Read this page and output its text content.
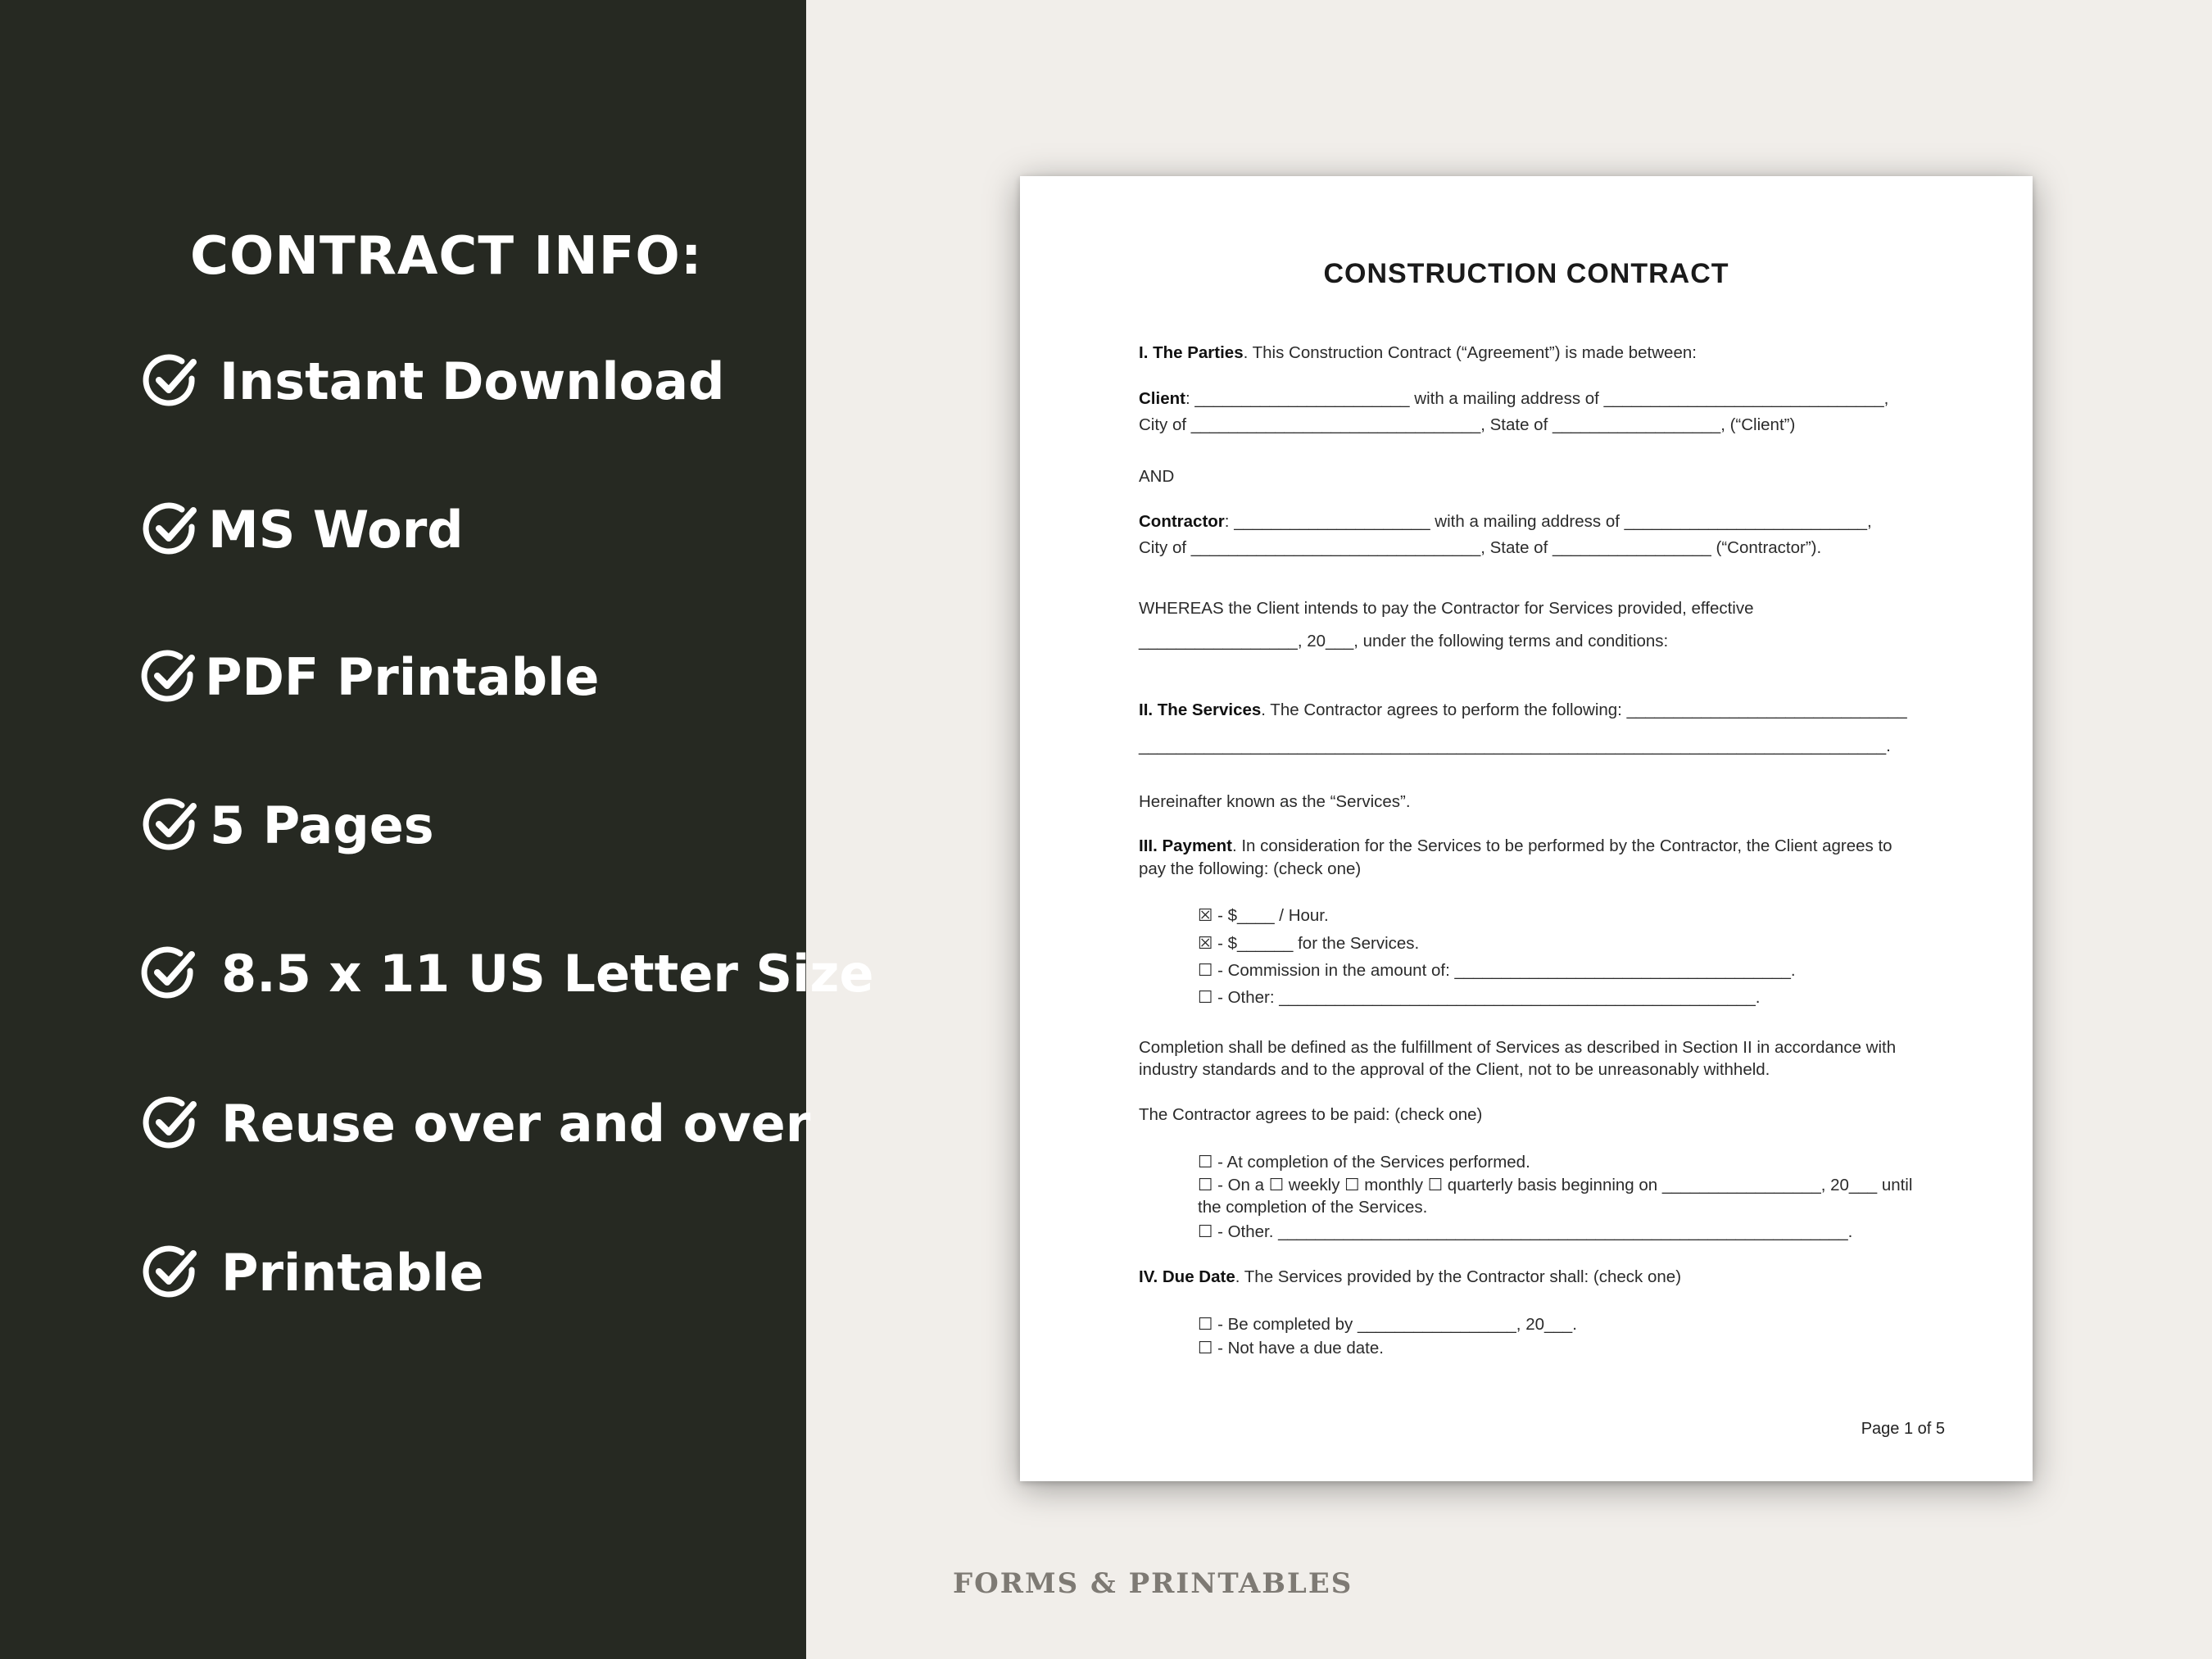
CONTRACT INFO:
Instant Download
MS Word
PDF Printable
5 Pages
8.5 x 11 US Letter Size
Reuse over and over
Printable
CONSTRUCTION CONTRACT
I. The Parties. This Construction Contract (“Agreement”) is made between:
Client: _______________________ with a mailing address of ______________________________,
City of _______________________________, State of __________________, (“Client”)
AND
Contractor: _____________________ with a mailing address of __________________________,
City of _______________________________, State of _________________ (“Contractor”).
WHEREAS the Client intends to pay the Contractor for Services provided, effective
_________________, 20___, under the following terms and conditions:
II. The Services. The Contractor agrees to perform the following: ______________________________
________________________________________________________________________________.
Hereinafter known as the “Services”.
III. Payment. In consideration for the Services to be performed by the Contractor, the Client agrees to
pay the following: (check one)
☒ - $____ / Hour.
☒ - $______ for the Services.
☐ - Commission in the amount of: ____________________________________.
☐ - Other: ___________________________________________________.
Completion shall be defined as the fulfillment of Services as described in Section II in accordance with
industry standards and to the approval of the Client, not to be unreasonably withheld.
The Contractor agrees to be paid: (check one)
☐ - At completion of the Services performed.
☐ - On a ☐ weekly ☐ monthly ☐ quarterly basis beginning on _________________, 20___ until
the completion of the Services.
☐ - Other. _____________________________________________________________.
IV. Due Date. The Services provided by the Contractor shall: (check one)
☐ - Be completed by _________________, 20___.
☐ - Not have a due date.
Page 1 of 5
FORMS & PRINTABLES
